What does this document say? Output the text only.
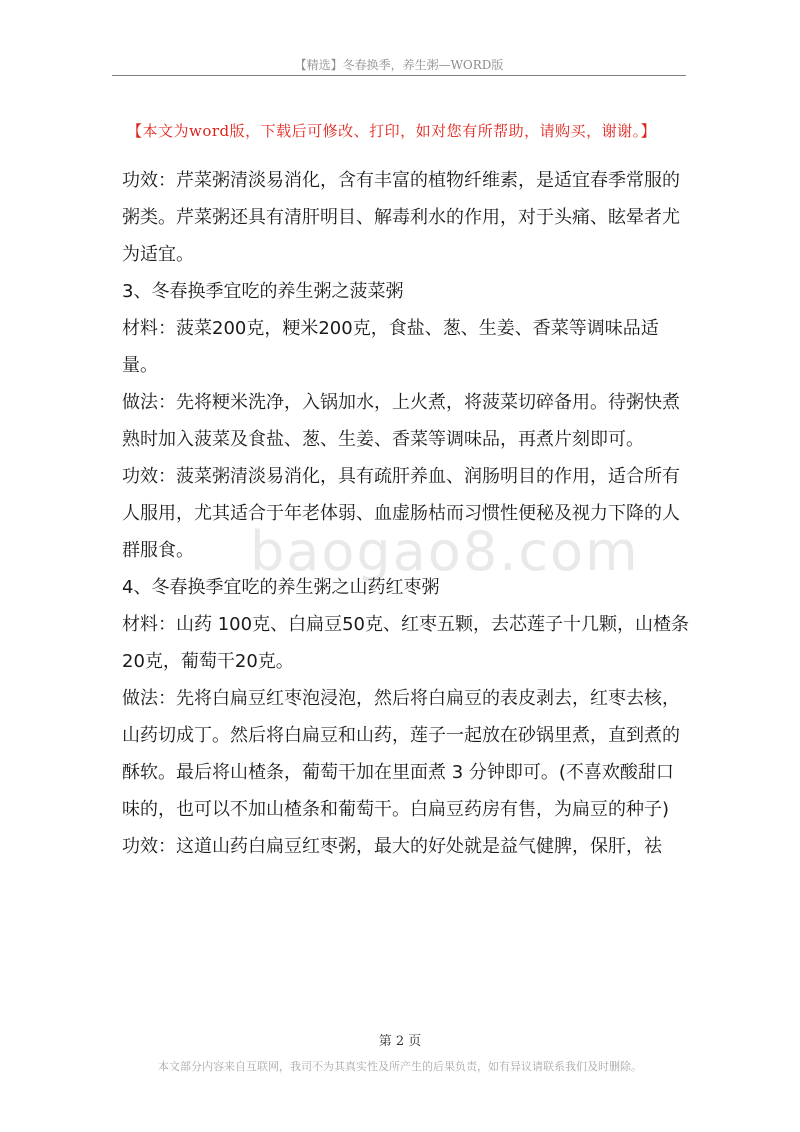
【精选】冬春换季，养生粥—WORD版
【本文为word版，下载后可修改、打印，如对您有所帮助，请购买，谢谢。】
baogao8.com

功效：芹菜粥清淡易消化，含有丰富的植物纤维素，是适宜春季常服的粥类。芹菜粥还具有清肝明目、解毒利水的作用，对于头痛、眩晕者尤为适宜。

3、冬春换季宜吃的养生粥之菠菜粥

材料：菠菜200克，粳米200克，食盐、葱、生姜、香菜等调味品适量。

做法：先将粳米洗净，入锅加水，上火煮，将菠菜切碎备用。待粥快煮熟时加入菠菜及食盐、葱、生姜、香菜等调味品，再煮片刻即可。

功效：菠菜粥清淡易消化，具有疏肝养血、润肠明目的作用，适合所有人服用，尤其适合于年老体弱、血虚肠枯而习惯性便秘及视力下降的人群服食。

4、冬春换季宜吃的养生粥之山药红枣粥

材料：山药 100克、白扁豆50克、红枣五颗，去芯莲子十几颗，山楂条20克，葡萄干20克。

做法：先将白扁豆红枣泡浸泡，然后将白扁豆的表皮剥去，红枣去核，山药切成丁。然后将白扁豆和山药，莲子一起放在砂锅里煮，直到煮的酥软。最后将山楂条，葡萄干加在里面煮 3 分钟即可。(不喜欢酸甜口味的，也可以不加山楂条和葡萄干。白扁豆药房有售，为扁豆的种子)

功效：这道山药白扁豆红枣粥，最大的好处就是益气健脾，保肝，祛

第 2 页
本文部分内容来自互联网，我司不为其真实性及所产生的后果负责，如有异议请联系我们及时删除。
